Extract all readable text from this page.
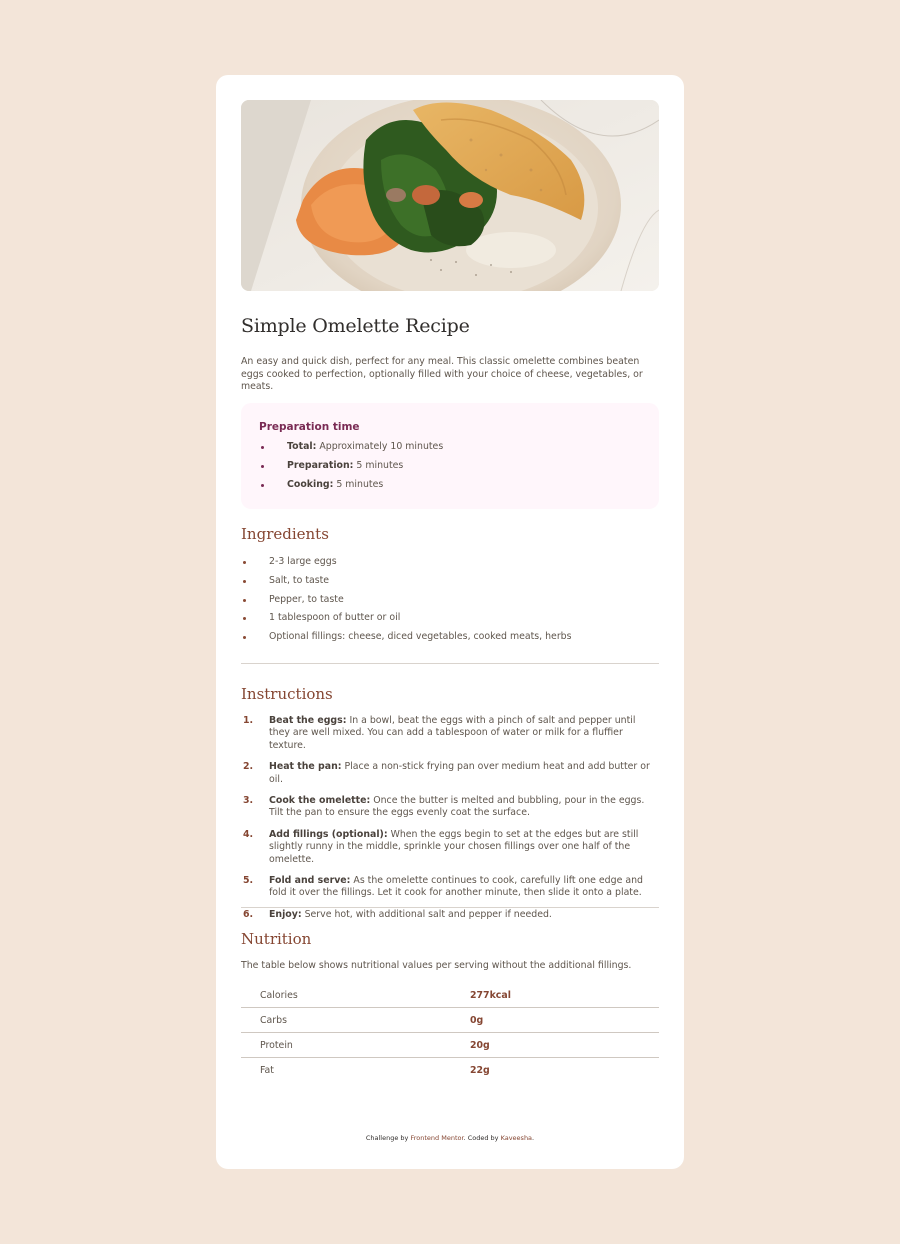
Simple Omelette Recipe

An easy and quick dish, perfect for any meal. This classic omelette combines beaten eggs cooked to perfection, optionally filled with your choice of cheese, vegetables, or meats.

Preparation time
Total: Approximately 10 minutes
Preparation: 5 minutes
Cooking: 5 minutes
Ingredients
2-3 large eggs
Salt, to taste
Pepper, to taste
1 tablespoon of butter or oil
Optional fillings: cheese, diced vegetables, cooked meats, herbs
Instructions
1. Beat the eggs: In a bowl, beat the eggs with a pinch of salt and pepper until they are well mixed. You can add a tablespoon of water or milk for a fluffier texture.
2. Heat the pan: Place a non-stick frying pan over medium heat and add butter or oil.
3. Cook the omelette: Once the butter is melted and bubbling, pour in the eggs. Tilt the pan to ensure the eggs evenly coat the surface.
4. Add fillings (optional): When the eggs begin to set at the edges but are still slightly runny in the middle, sprinkle your chosen fillings over one half of the omelette.
5. Fold and serve: As the omelette continues to cook, carefully lift one edge and fold it over the fillings. Let it cook for another minute, then slide it onto a plate.
6. Enjoy: Serve hot, with additional salt and pepper if needed.
Nutrition

The table below shows nutritional values per serving without the additional fillings.

Calories	277kcal
Carbs	0g
Protein	20g
Fat	22g
Challenge by Frontend Mentor. Coded by Kaveesha.
